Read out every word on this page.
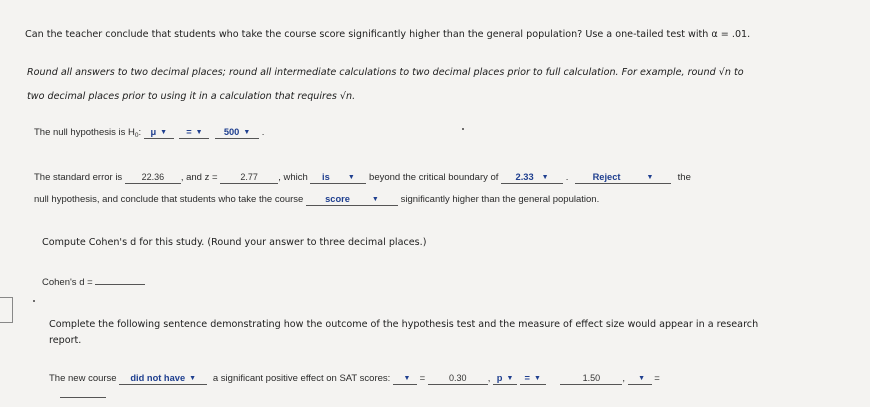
Can the teacher conclude that students who take the course score significantly higher than the general population? Use a one-tailed test with α = .01.
Round all answers to two decimal places; round all intermediate calculations to two decimal places prior to full calculation. For example, round √n to
two decimal places prior to using it in a calculation that requires √n.
The null hypothesis is $H_0$: μ ▼ = ▼ 500 ▼ .
The standard error is 22.36 , and z =	2.77 , which is	▼ beyond the critical boundary of 2.33 ▼ .	Reject	▼	the
null hypothesis, and conclude that students who take the course score	▼ significantly higher than the general population.
Compute Cohen's d for this study. (Round your answer to three decimal places.)
Cohen's d =
Complete the following sentence demonstrating how the outcome of the hypothesis test and the measure of effect size would appear in a research
report.
The new course did not have ▼ a significant positive effect on SAT scores: ▼ =	0.30 , p ▼ = ▼	1.50 , ▼ =
